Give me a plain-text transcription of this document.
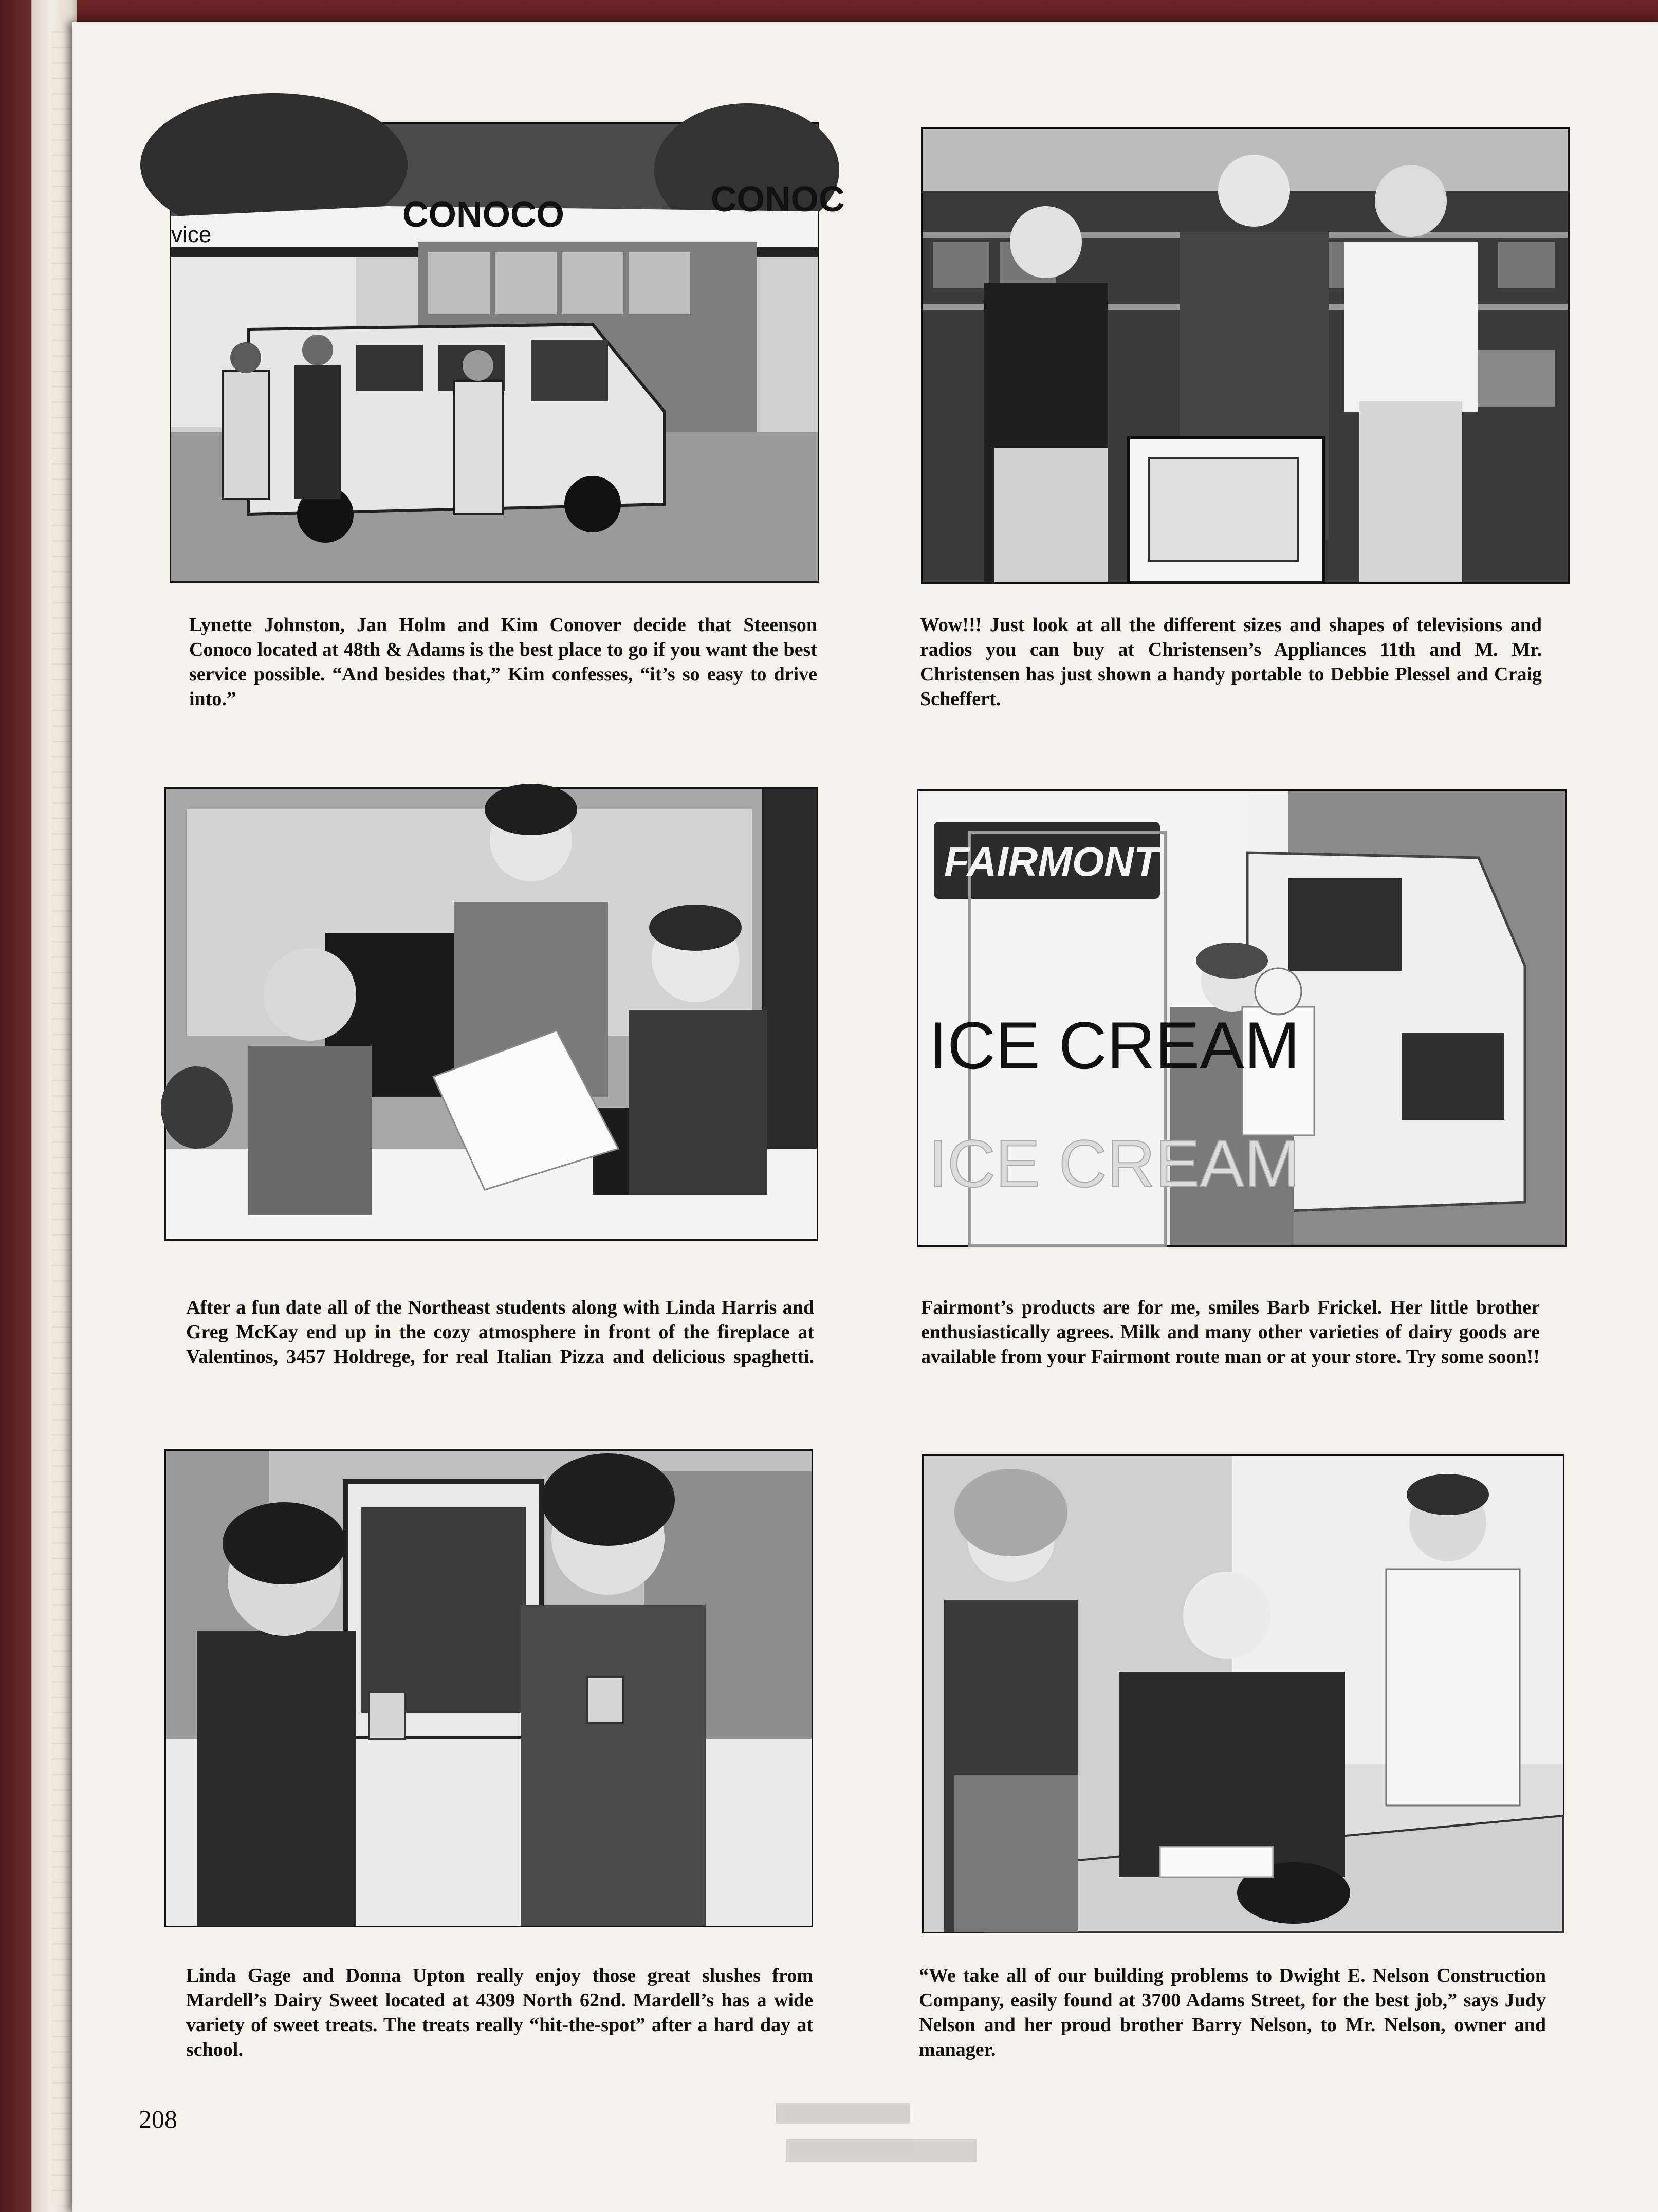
CONOCO	CONOC
vice
Lynette Johnston, Jan Holm and Kim Conover decide that Steenson Conoco located at 48th & Adams is the best place to go if you want the best service possible. “And besides that,” Kim confesses, “it’s so easy to drive into.”
Wow!!! Just look at all the different sizes and shapes of televisions and radios you can buy at Christensen’s Appliances 11th and M. Mr. Christensen has just shown a handy portable to Debbie Plessel and Craig Scheffert.
After a fun date all of the Northeast students along with Linda Harris and Greg McKay end up in the cozy atmosphere in front of the fireplace at Valentinos, 3457 Holdrege, for real Italian Pizza and delicious spaghetti.
FAIRMONT
ICE CREAM
ICE CREAM
Fairmont’s products are for me, smiles Barb Frickel. Her little brother enthusiastically agrees. Milk and many other varieties of dairy goods are available from your Fairmont route man or at your store. Try some soon!!
Linda Gage and Donna Upton really enjoy those great slushes from Mardell’s Dairy Sweet located at 4309 North 62nd. Mardell’s has a wide variety of sweet treats. The treats really “hit-the-spot” after a hard day at school.
“We take all of our building problems to Dwight E. Nelson Construction Company, easily found at 3700 Adams Street, for the best job,” says Judy Nelson and her proud brother Barry Nelson, to Mr. Nelson, owner and manager.
208
